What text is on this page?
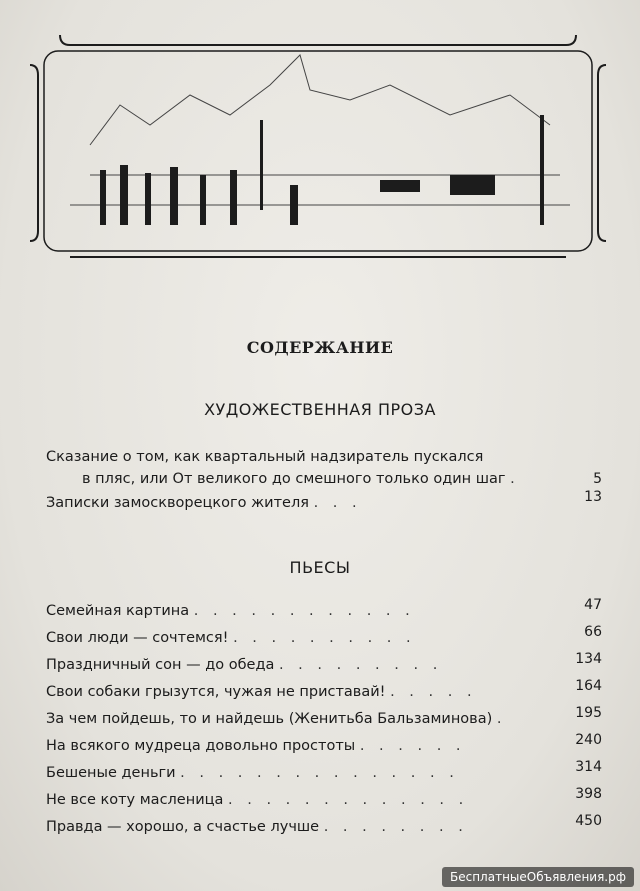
СОДЕРЖАНИЕ
ХУДОЖЕСТВЕННАЯ ПРОЗА
Сказание о том, как квартальный надзиратель пускался
в пляс, или От великого до смешного только один шаг .	5
Записки замоскворецкого жителя . . .	13
ПЬЕСЫ
Семейная картина . . . . . . . . . . . .	47
Свои люди — сочтемся! . . . . . . . . . .	66
Праздничный сон — до обеда . . . . . . . . .	134
Свои собаки грызутся, чужая не приставай! . . . . .	164
За чем пойдешь, то и найдешь (Женитьба Бальзаминова) .	195
На всякого мудреца довольно простоты . . . . . .	240
Бешеные деньги . . . . . . . . . . . . . . .	314
Не все коту масленица . . . . . . . . . . . . .	398
Правда — хорошо, а счастье лучше . . . . . . . .	450
БесплатныеОбъявления.рф
